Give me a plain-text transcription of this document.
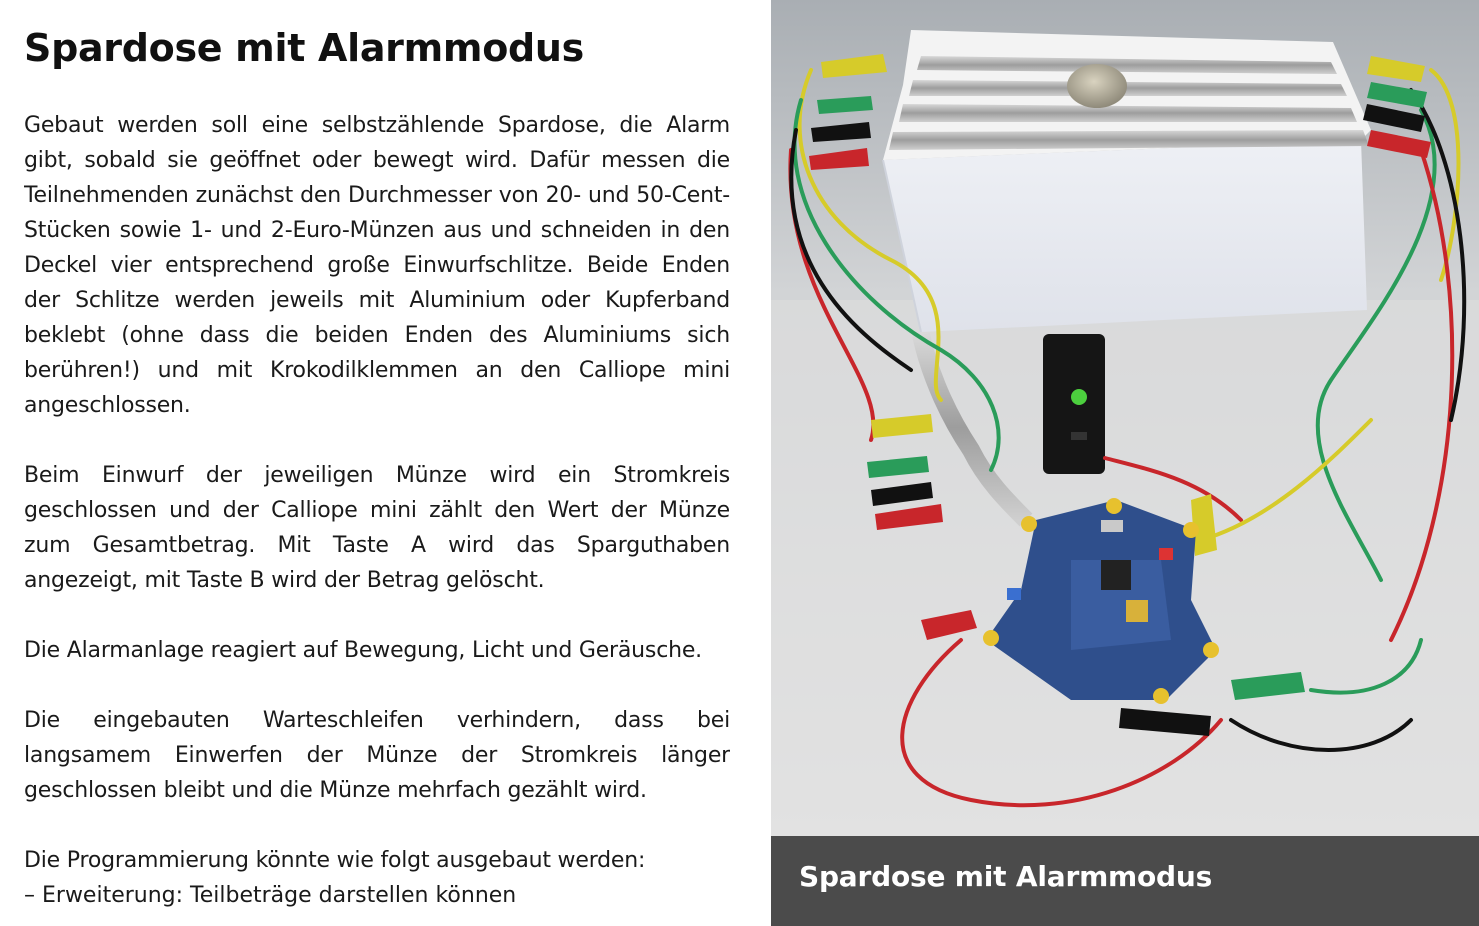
Spardose mit Alarmmodus

Gebaut werden soll eine selbstzählende Spardose, die Alarm gibt, sobald sie geöffnet oder bewegt wird. Dafür messen die Teilnehmenden zunächst den Durchmesser von 20- und 50-Cent-Stücken sowie 1- und 2-Euro-Münzen aus und schneiden in den Deckel vier entsprechend große Einwurfschlitze. Beide Enden der Schlitze werden jeweils mit Aluminium oder Kupferband beklebt (ohne dass die beiden Enden des Aluminiums sich berühren!) und mit Krokodilklemmen an den Calliope mini angeschlossen.

Beim Einwurf der jeweiligen Münze wird ein Stromkreis geschlossen und der Calliope mini zählt den Wert der Münze zum Gesamtbetrag. Mit Taste A wird das Sparguthaben angezeigt, mit Taste B wird der Betrag gelöscht.

Die Alarmanlage reagiert auf Bewegung, Licht und Geräusche.

Die eingebauten Warteschleifen verhindern, dass bei langsamem Einwerfen der Münze der Stromkreis länger geschlossen bleibt und die Münze mehrfach gezählt wird.

Die Programmierung könnte wie folgt ausgebaut werden:

– Erweiterung: Teilbeträge darstellen können

Spardose mit Alarmmodus
